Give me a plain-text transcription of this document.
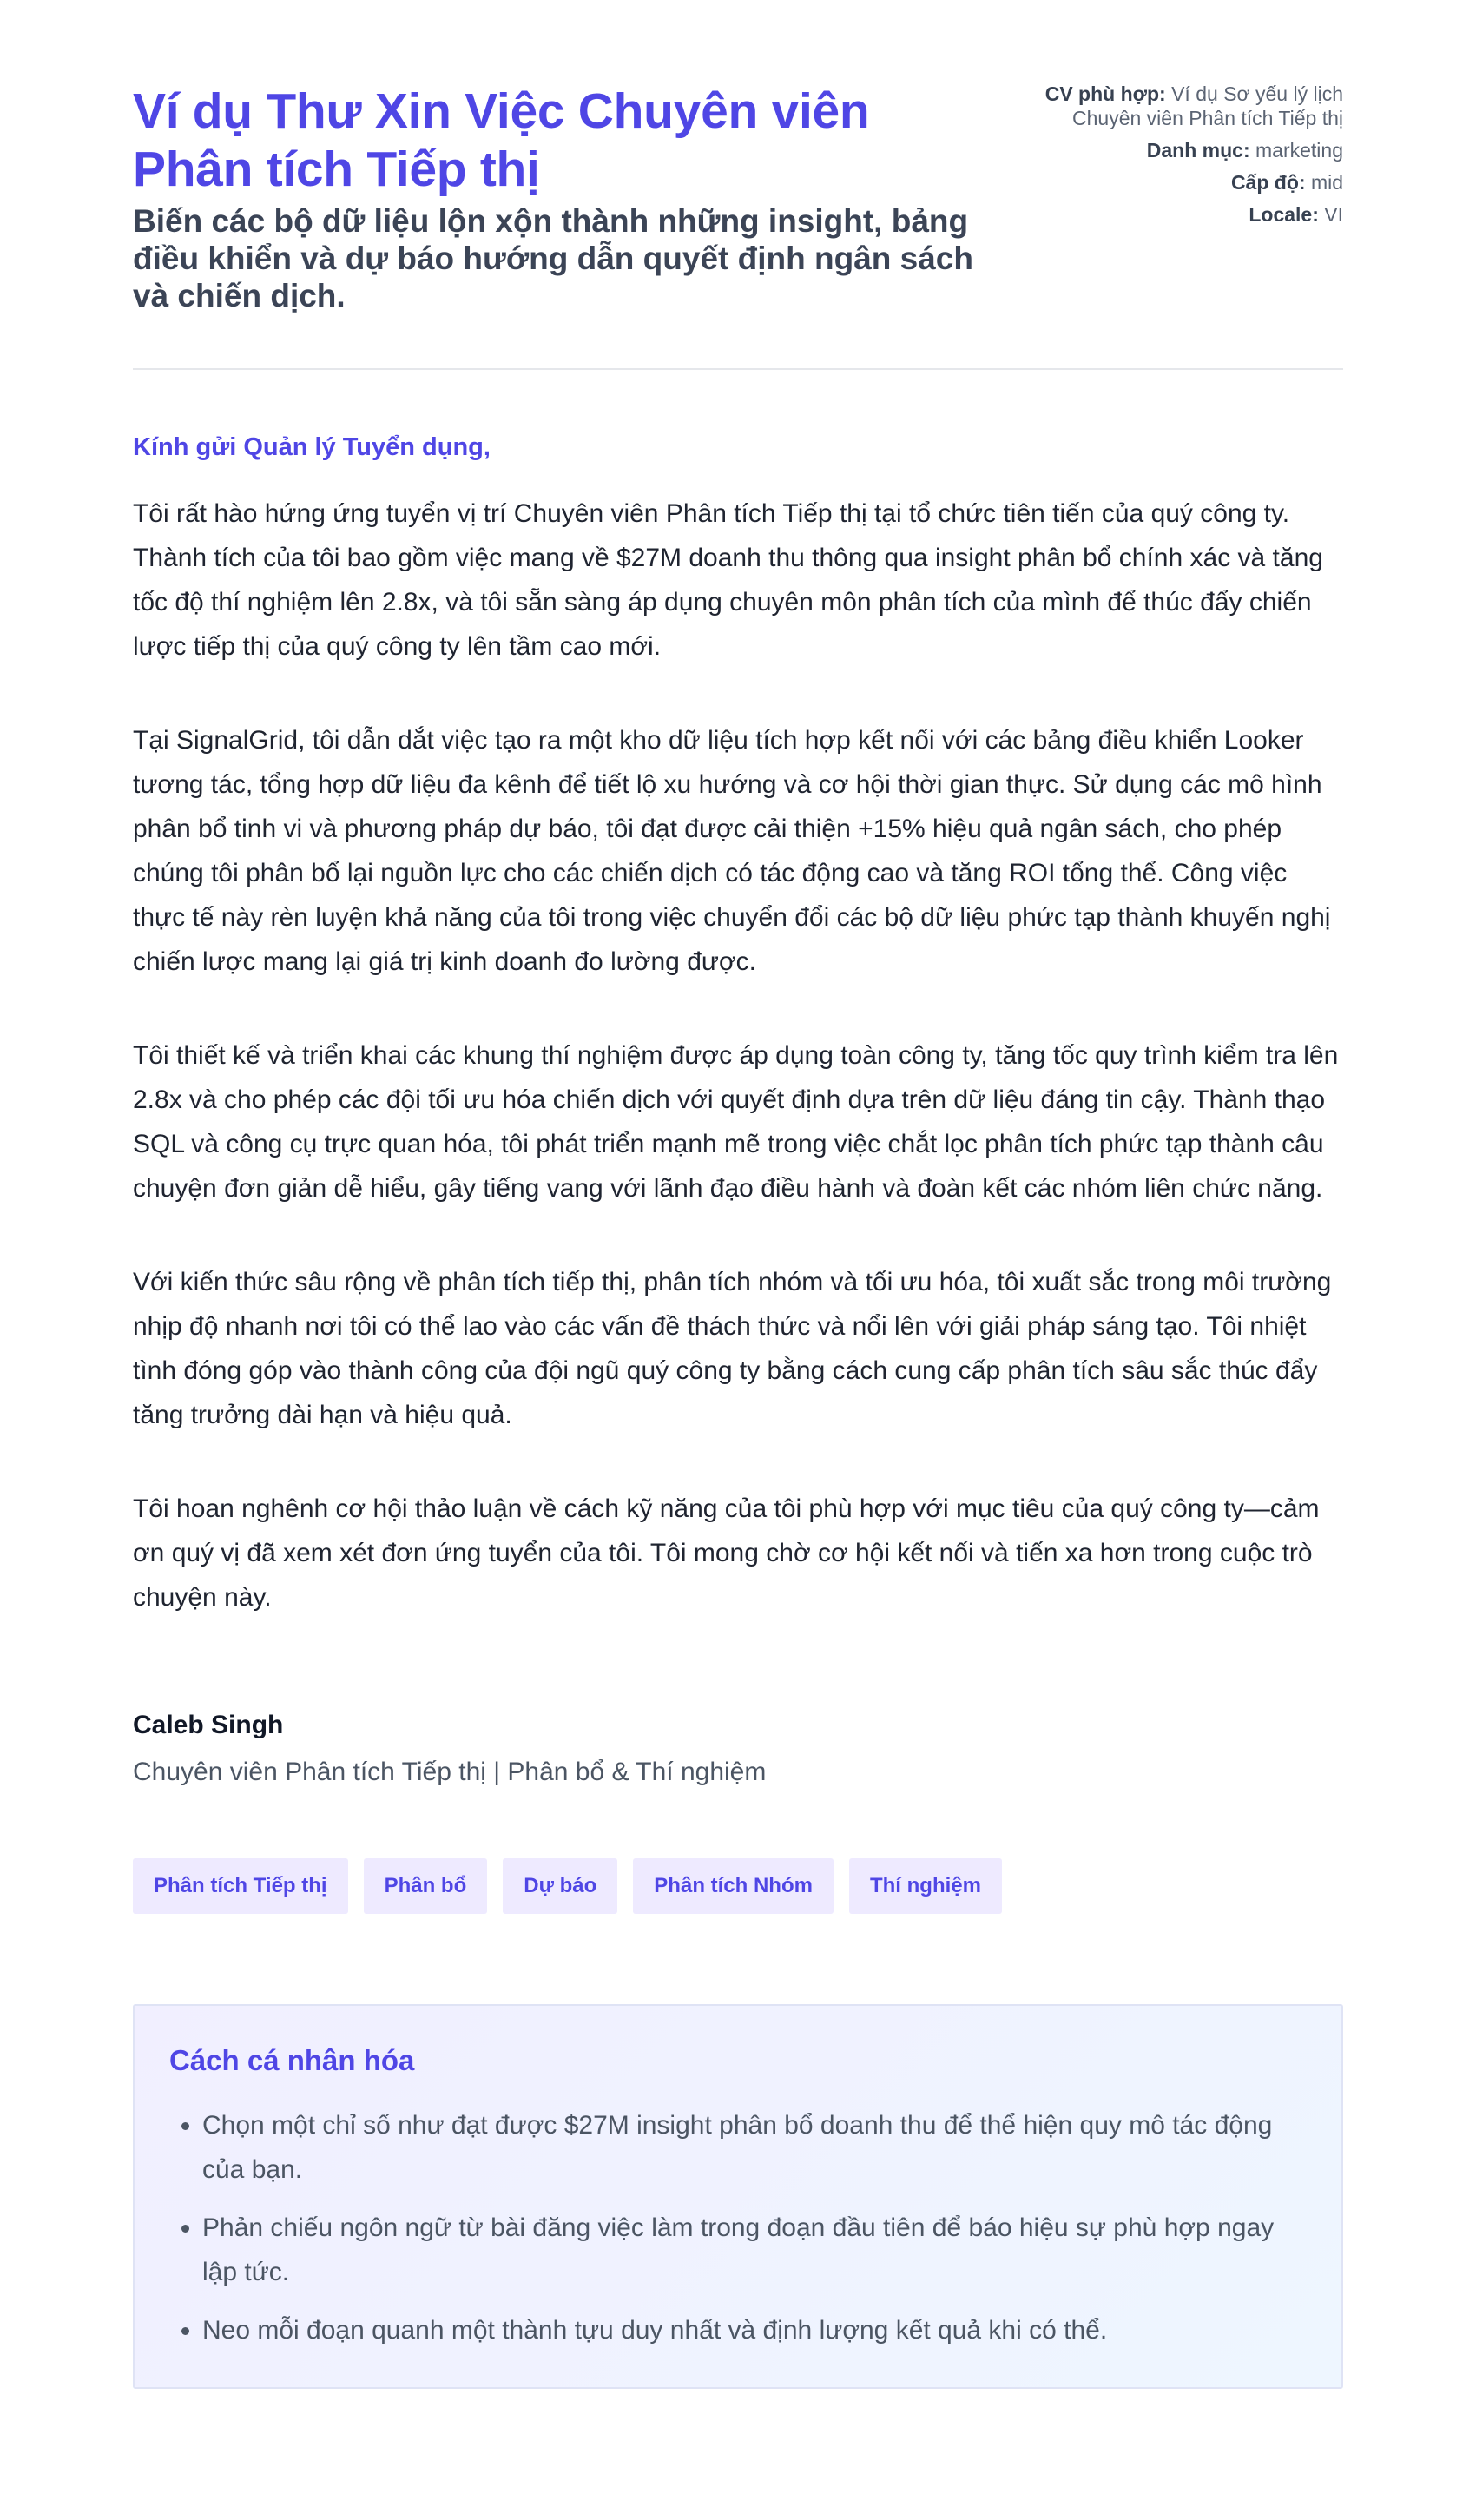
Ví dụ Thư Xin Việc Chuyên viên Phân tích Tiếp thị

Biến các bộ dữ liệu lộn xộn thành những insight, bảng điều khiển và dự báo hướng dẫn quyết định ngân sách và chiến dịch.

CV phù hợp: Ví dụ Sơ yếu lý lịch Chuyên viên Phân tích Tiếp thị
Danh mục: marketing
Cấp độ: mid
Locale: VI

Kính gửi Quản lý Tuyển dụng,

Tôi rất hào hứng ứng tuyển vị trí Chuyên viên Phân tích Tiếp thị tại tổ chức tiên tiến của quý công ty. Thành tích của tôi bao gồm việc mang về $27M doanh thu thông qua insight phân bổ chính xác và tăng tốc độ thí nghiệm lên 2.8x, và tôi sẵn sàng áp dụng chuyên môn phân tích của mình để thúc đẩy chiến lược tiếp thị của quý công ty lên tầm cao mới.

Tại SignalGrid, tôi dẫn dắt việc tạo ra một kho dữ liệu tích hợp kết nối với các bảng điều khiển Looker tương tác, tổng hợp dữ liệu đa kênh để tiết lộ xu hướng và cơ hội thời gian thực. Sử dụng các mô hình phân bổ tinh vi và phương pháp dự báo, tôi đạt được cải thiện +15% hiệu quả ngân sách, cho phép chúng tôi phân bổ lại nguồn lực cho các chiến dịch có tác động cao và tăng ROI tổng thể. Công việc thực tế này rèn luyện khả năng của tôi trong việc chuyển đổi các bộ dữ liệu phức tạp thành khuyến nghị chiến lược mang lại giá trị kinh doanh đo lường được.

Tôi thiết kế và triển khai các khung thí nghiệm được áp dụng toàn công ty, tăng tốc quy trình kiểm tra lên 2.8x và cho phép các đội tối ưu hóa chiến dịch với quyết định dựa trên dữ liệu đáng tin cậy. Thành thạo SQL và công cụ trực quan hóa, tôi phát triển mạnh mẽ trong việc chắt lọc phân tích phức tạp thành câu chuyện đơn giản dễ hiểu, gây tiếng vang với lãnh đạo điều hành và đoàn kết các nhóm liên chức năng.

Với kiến thức sâu rộng về phân tích tiếp thị, phân tích nhóm và tối ưu hóa, tôi xuất sắc trong môi trường nhịp độ nhanh nơi tôi có thể lao vào các vấn đề thách thức và nổi lên với giải pháp sáng tạo. Tôi nhiệt tình đóng góp vào thành công của đội ngũ quý công ty bằng cách cung cấp phân tích sâu sắc thúc đẩy tăng trưởng dài hạn và hiệu quả.

Tôi hoan nghênh cơ hội thảo luận về cách kỹ năng của tôi phù hợp với mục tiêu của quý công ty—cảm ơn quý vị đã xem xét đơn ứng tuyển của tôi. Tôi mong chờ cơ hội kết nối và tiến xa hơn trong cuộc trò chuyện này.

Caleb Singh
Chuyên viên Phân tích Tiếp thị | Phân bổ & Thí nghiệm
Phân tích Tiếp thị	Phân bổ	Dự báo	Phân tích Nhóm	Thí nghiệm
Cách cá nhân hóa
• Chọn một chỉ số như đạt được $27M insight phân bổ doanh thu để thể hiện quy mô tác động của bạn.
• Phản chiếu ngôn ngữ từ bài đăng việc làm trong đoạn đầu tiên để báo hiệu sự phù hợp ngay lập tức.
• Neo mỗi đoạn quanh một thành tựu duy nhất và định lượng kết quả khi có thể.
